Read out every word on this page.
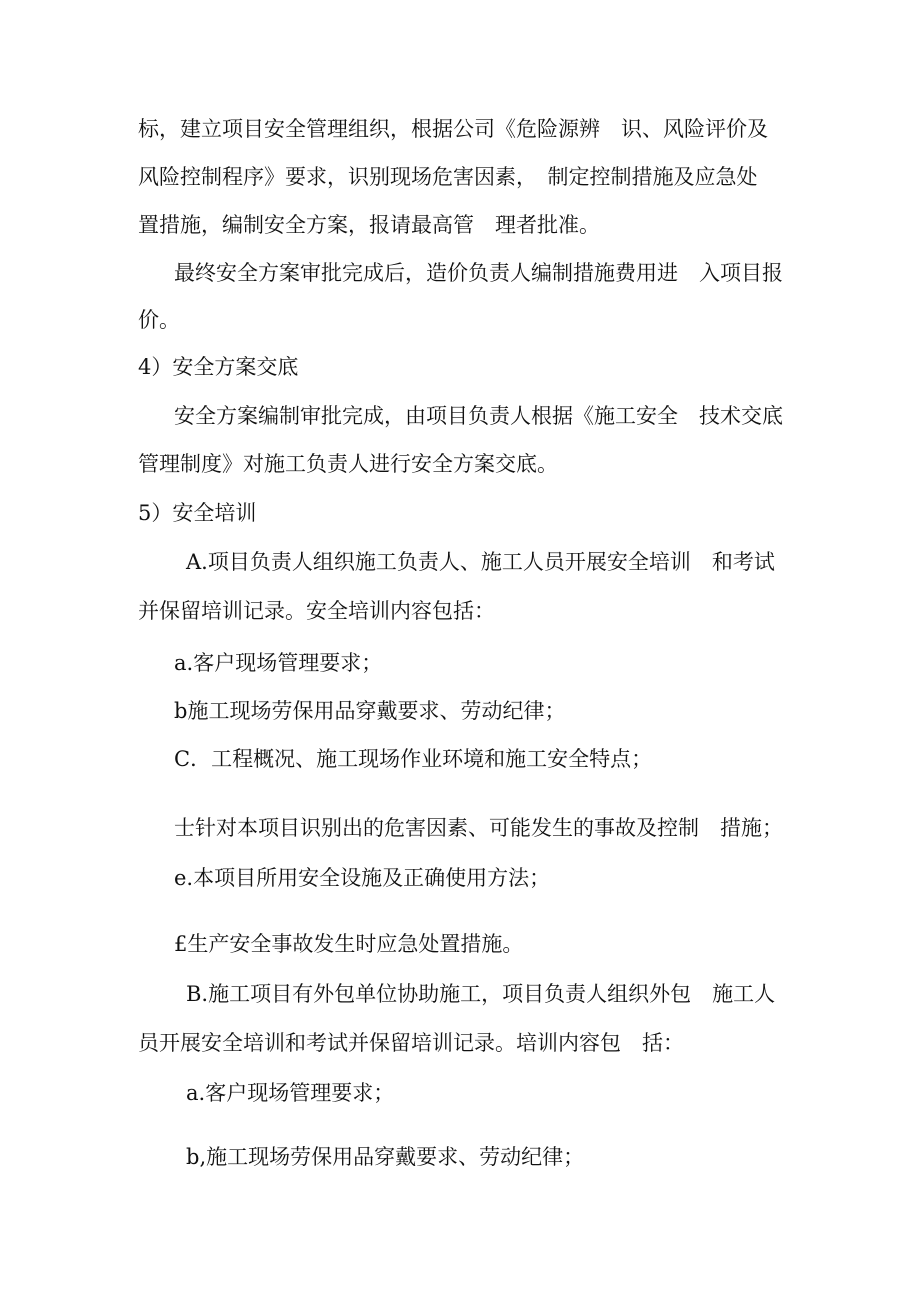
标，建立项目安全管理组织，根据公司《危险源辨　识、风险评价及

风险控制程序》要求，识别现场危害因素，　制定控制措施及应急处

置措施，编制安全方案，报请最高管　理者批准。

最终安全方案审批完成后，造价负责人编制措施费用进　入项目报

价。

4）安全方案交底

安全方案编制审批完成，由项目负责人根据《施工安全　技术交底

管理制度》对施工负责人进行安全方案交底。

5）安全培训

A.项目负责人组织施工负责人、施工人员开展安全培训　和考试

并保留培训记录。安全培训内容包括：

a.客户现场管理要求；

b施工现场劳保用品穿戴要求、劳动纪律；

C．工程概况、施工现场作业环境和施工安全特点；

士针对本项目识别出的危害因素、可能发生的事故及控制　措施；

e.本项目所用安全设施及正确使用方法；

£生产安全事故发生时应急处置措施。

B.施工项目有外包单位协助施工，项目负责人组织外包　施工人

员开展安全培训和考试并保留培训记录。培训内容包　括：

a.客户现场管理要求；

b,施工现场劳保用品穿戴要求、劳动纪律；
